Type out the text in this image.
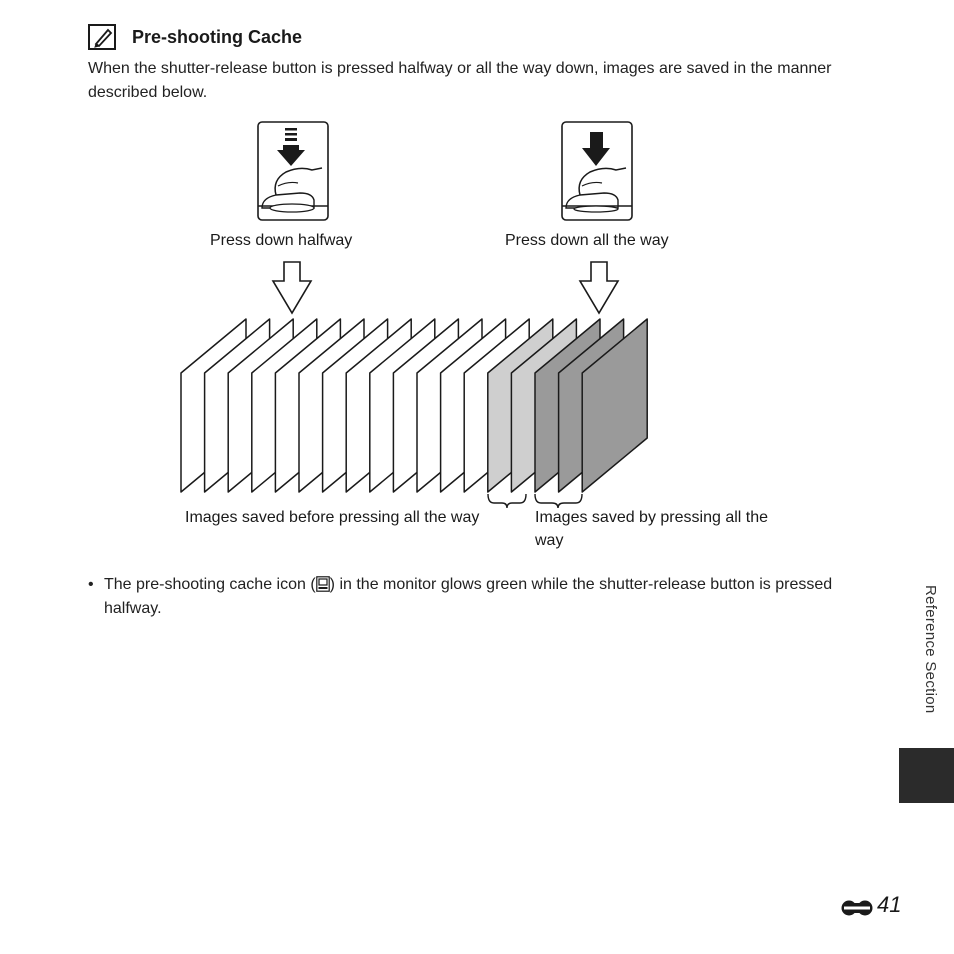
Pre-shooting Cache
When the shutter-release button is pressed halfway or all the way down, images are saved in the manner described below.
Press down halfway	Press down all the way
Images saved before pressing all the way	Images saved by pressing all the way
• The pre-shooting cache icon ( ) in the monitor glows green while the shutter-release button is pressed halfway.	Reference Section
41
